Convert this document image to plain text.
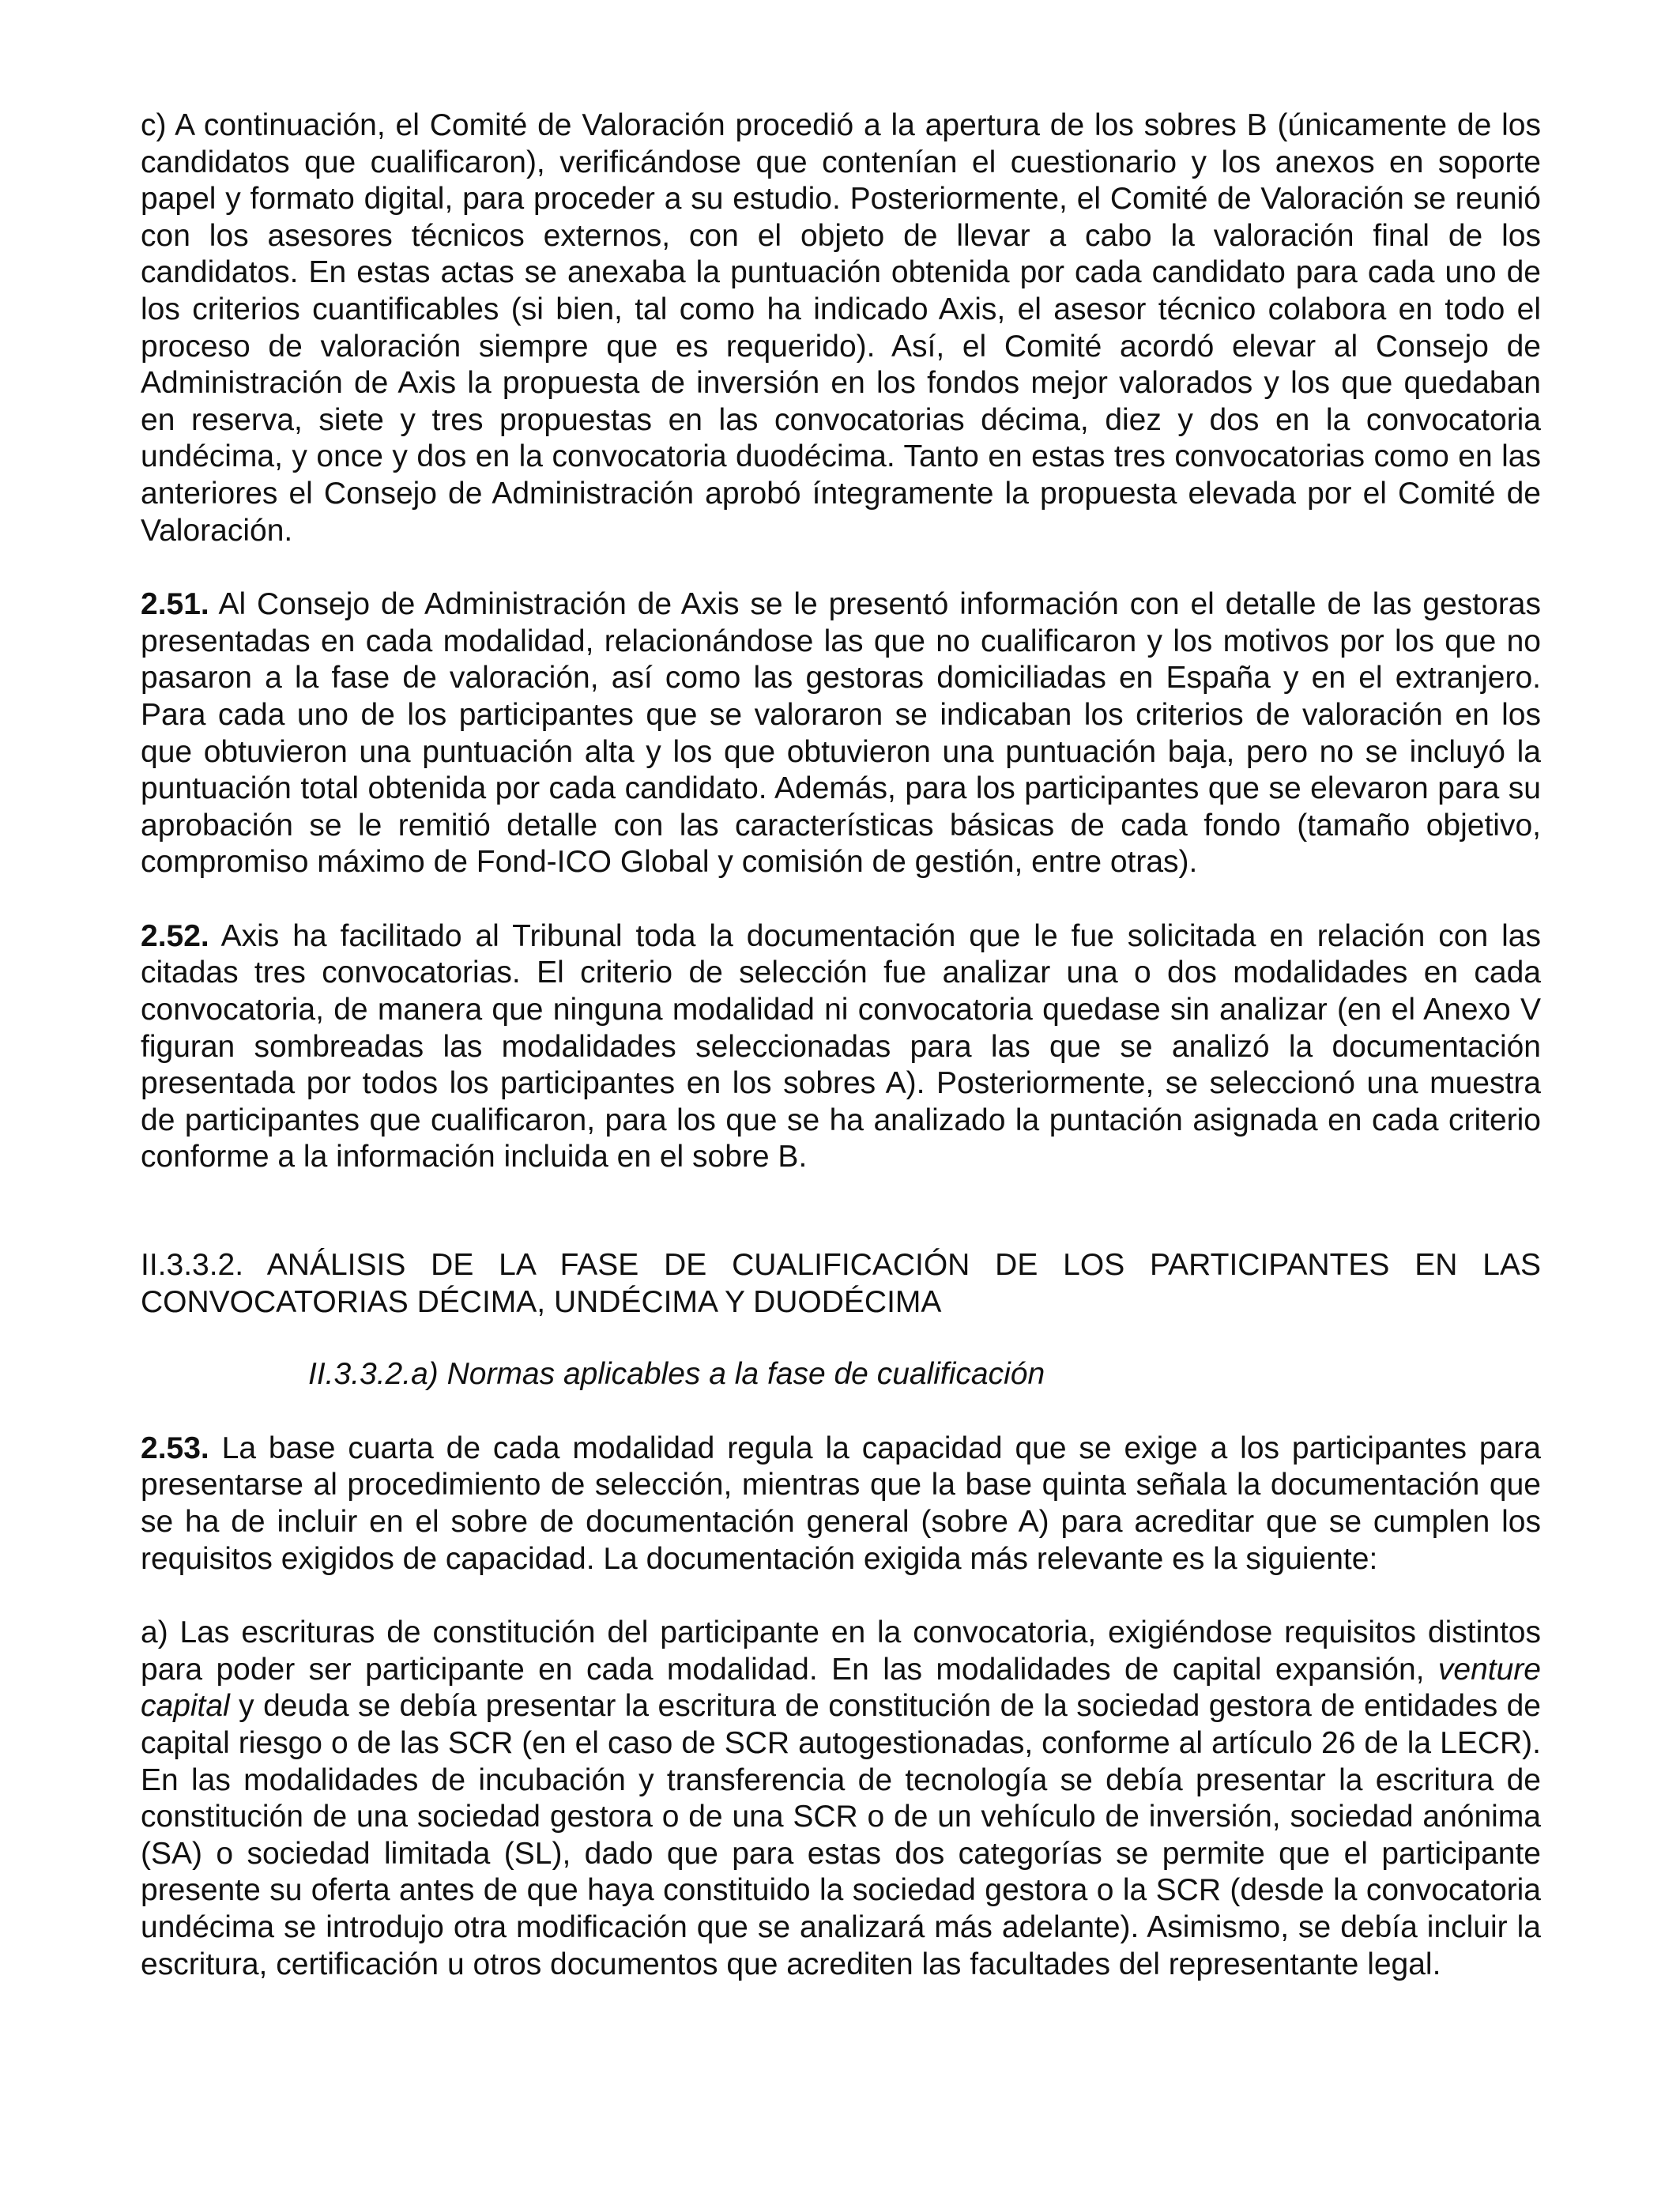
c) A continuación, el Comité de Valoración procedió a la apertura de los sobres B (únicamente de los candidatos que cualificaron), verificándose que contenían el cuestionario y los anexos en soporte papel y formato digital, para proceder a su estudio. Posteriormente, el Comité de Valoración se reunió con los asesores técnicos externos, con el objeto de llevar a cabo la valoración final de los candidatos. En estas actas se anexaba la puntuación obtenida por cada candidato para cada uno de los criterios cuantificables (si bien, tal como ha indicado Axis, el asesor técnico colabora en todo el proceso de valoración siempre que es requerido). Así, el Comité acordó elevar al Consejo de Administración de Axis la propuesta de inversión en los fondos mejor valorados y los que quedaban en reserva, siete y tres propuestas en las convocatorias décima, diez y dos en la convocatoria undécima, y once y dos en la convocatoria duodécima. Tanto en estas tres convocatorias como en las anteriores el Consejo de Administración aprobó íntegramente la propuesta elevada por el Comité de Valoración.

2.51. Al Consejo de Administración de Axis se le presentó información con el detalle de las gestoras presentadas en cada modalidad, relacionándose las que no cualificaron y los motivos por los que no pasaron a la fase de valoración, así como las gestoras domiciliadas en España y en el extranjero. Para cada uno de los participantes que se valoraron se indicaban los criterios de valoración en los que obtuvieron una puntuación alta y los que obtuvieron una puntuación baja, pero no se incluyó la puntuación total obtenida por cada candidato. Además, para los participantes que se elevaron para su aprobación se le remitió detalle con las características básicas de cada fondo (tamaño objetivo, compromiso máximo de Fond-ICO Global y comisión de gestión, entre otras).

2.52. Axis ha facilitado al Tribunal toda la documentación que le fue solicitada en relación con las citadas tres convocatorias. El criterio de selección fue analizar una o dos modalidades en cada convocatoria, de manera que ninguna modalidad ni convocatoria quedase sin analizar (en el Anexo V figuran sombreadas las modalidades seleccionadas para las que se analizó la documentación presentada por todos los participantes en los sobres A). Posteriormente, se seleccionó una muestra de participantes que cualificaron, para los que se ha analizado la puntación asignada en cada criterio conforme a la información incluida en el sobre B.

II.3.3.2. ANÁLISIS DE LA FASE DE CUALIFICACIÓN DE LOS PARTICIPANTES EN LAS CONVOCATORIAS DÉCIMA, UNDÉCIMA Y DUODÉCIMA

II.3.3.2.a) Normas aplicables a la fase de cualificación

2.53. La base cuarta de cada modalidad regula la capacidad que se exige a los participantes para presentarse al procedimiento de selección, mientras que la base quinta señala la documentación que se ha de incluir en el sobre de documentación general (sobre A) para acreditar que se cumplen los requisitos exigidos de capacidad. La documentación exigida más relevante es la siguiente:

a) Las escrituras de constitución del participante en la convocatoria, exigiéndose requisitos distintos para poder ser participante en cada modalidad. En las modalidades de capital expansión, venture capital y deuda se debía presentar la escritura de constitución de la sociedad gestora de entidades de capital riesgo o de las SCR (en el caso de SCR autogestionadas, conforme al artículo 26 de la LECR). En las modalidades de incubación y transferencia de tecnología se debía presentar la escritura de constitución de una sociedad gestora o de una SCR o de un vehículo de inversión, sociedad anónima (SA) o sociedad limitada (SL), dado que para estas dos categorías se permite que el participante presente su oferta antes de que haya constituido la sociedad gestora o la SCR (desde la convocatoria undécima se introdujo otra modificación que se analizará más adelante). Asimismo, se debía incluir la escritura, certificación u otros documentos que acrediten las facultades del representante legal.
